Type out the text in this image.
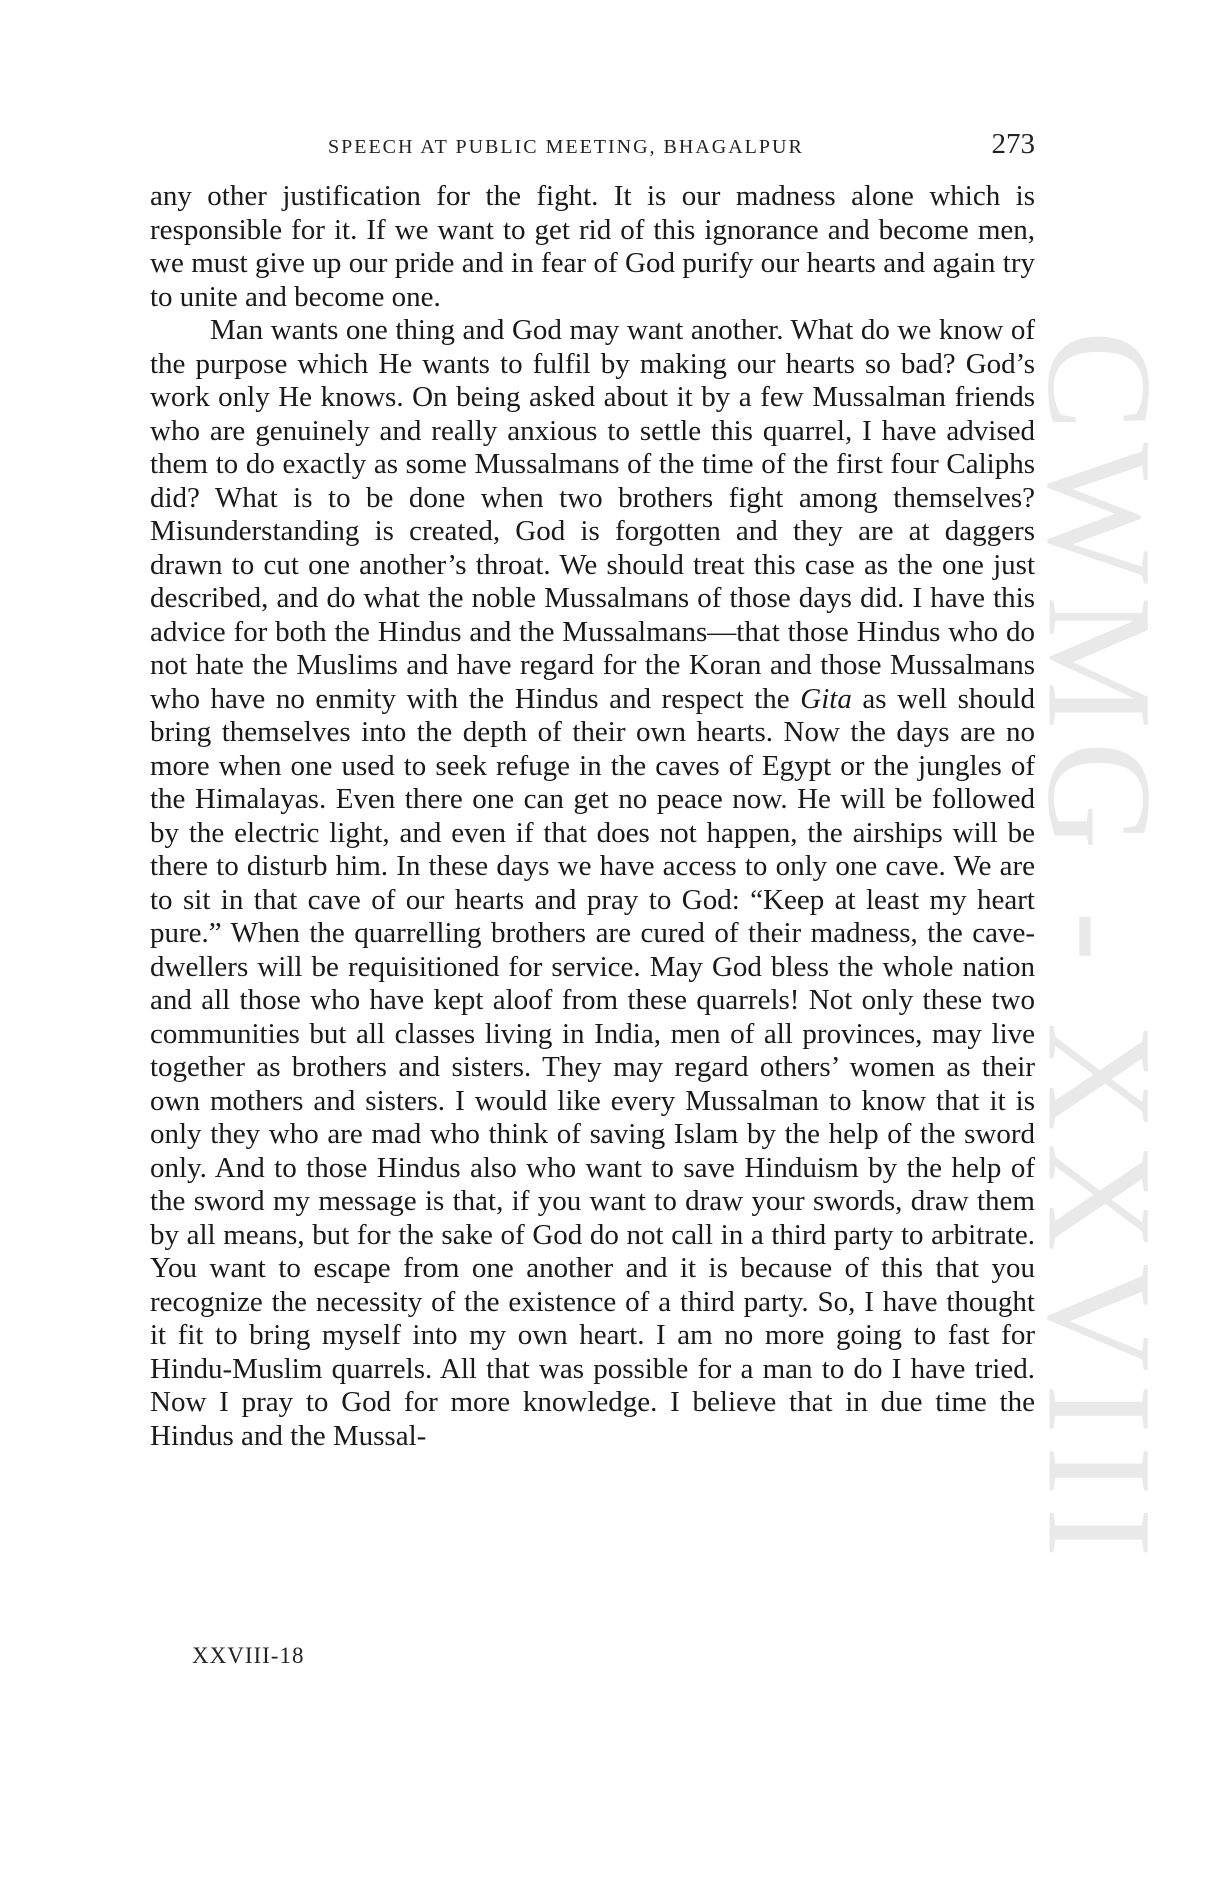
CWMG - XXVIII
SPEECH AT PUBLIC MEETING, BHAGALPUR	273

any other justification for the fight. It is our madness alone which is responsible for it. If we want to get rid of this ignorance and become men, we must give up our pride and in fear of God purify our hearts and again try to unite and become one.

Man wants one thing and God may want another. What do we know of the purpose which He wants to fulfil by making our hearts so bad? God’s work only He knows. On being asked about it by a few Mussalman friends who are genuinely and really anxious to settle this quarrel, I have advised them to do exactly as some Mussalmans of the time of the first four Caliphs did? What is to be done when two brothers fight among themselves? Misunderstanding is created, God is forgotten and they are at daggers drawn to cut one another’s throat. We should treat this case as the one just described, and do what the noble Mussalmans of those days did. I have this advice for both the Hindus and the Mussalmans—that those Hindus who do not hate the Muslims and have regard for the Koran and those Mussalmans who have no enmity with the Hindus and respect the Gita as well should bring themselves into the depth of their own hearts. Now the days are no more when one used to seek refuge in the caves of Egypt or the jungles of the Himalayas. Even there one can get no peace now. He will be followed by the electric light, and even if that does not happen, the airships will be there to disturb him. In these days we have access to only one cave. We are to sit in that cave of our hearts and pray to God: “Keep at least my heart pure.” When the quarrelling brothers are cured of their madness, the cave-dwellers will be requisitioned for service. May God bless the whole nation and all those who have kept aloof from these quarrels! Not only these two communities but all classes living in India, men of all provinces, may live together as brothers and sisters. They may regard others’ women as their own mothers and sisters. I would like every Mussalman to know that it is only they who are mad who think of saving Islam by the help of the sword only. And to those Hindus also who want to save Hinduism by the help of the sword my message is that, if you want to draw your swords, draw them by all means, but for the sake of God do not call in a third party to arbitrate. You want to escape from one another and it is because of this that you recognize the necessity of the existence of a third party. So, I have thought it fit to bring myself into my own heart. I am no more going to fast for Hindu-Muslim quarrels. All that was possible for a man to do I have tried. Now I pray to God for more knowledge. I believe that in due time the Hindus and the Mussal-

XXVIII-18
